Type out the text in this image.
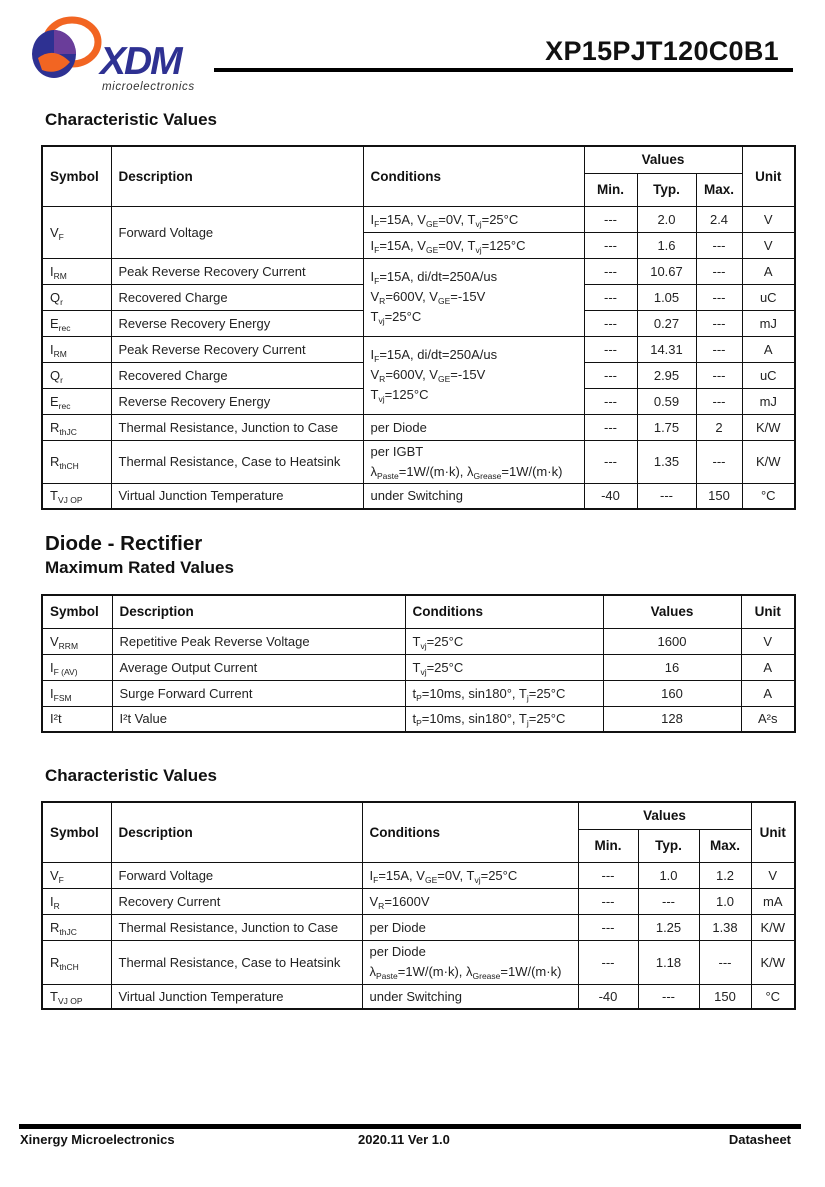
XDM
microelectronics
XP15PJT120C0B1
Characteristic Values
Symbol	Description	Conditions	Values			Unit
			Min.	Typ.	Max.	
$V_F$	Forward Voltage	$I_F=15A$, $V_{GE}=0V$, $T_{vj}=25^\circ C$	---	2.0	2.4	V
		$I_F=15A$, $V_{GE}=0V$, $T_{vj}=125^\circ C$	---	1.6	---	V
$I_{RM}$	Peak Reverse Recovery Current	$I_F=15A$, di/dt=250A/us
$V_R=600V$, $V_{GE}=-15V$
$T_{vj}=25^\circ C$	---	10.67	---	A
$Q_r$	Recovered Charge		---	1.05	---	uC
$E_{rec}$	Reverse Recovery Energy		---	0.27	---	mJ
$I_{RM}$	Peak Reverse Recovery Current	$I_F=15A$, di/dt=250A/us
$V_R=600V$, $V_{GE}=-15V$
$T_{vj}=125^\circ C$	---	14.31	---	A
$Q_r$	Recovered Charge		---	2.95	---	uC
$E_{rec}$	Reverse Recovery Energy		---	0.59	---	mJ
$R_{thJC}$	Thermal Resistance, Junction to Case	per Diode	---	1.75	2	K/W
$R_{thCH}$	Thermal Resistance, Case to Heatsink	per IGBT
$\lambda_{Paste}=1W/(m\cdot k)$, $\lambda_{Grease}=1W/(m\cdot k)$	---	1.35	---	K/W
$T_{VJ OP}$	Virtual Junction Temperature	under Switching	-40	---	150	°C
Diode - Rectifier
Maximum Rated Values
Symbol	Description	Conditions	Values	Unit
$V_{RRM}$	Repetitive Peak Reverse Voltage	$T_{vj}=25^\circ C$	1600	V
$I_{F (AV)}$	Average Output Current	$T_{vj}=25^\circ C$	16	A
$I_{FSM}$	Surge Forward Current	$t_P=10ms$, sin180°, $T_j=25^\circ C$	160	A
I²t	I²t Value	$t_P=10ms$, sin180°, $T_j=25^\circ C$	128	A²s
Characteristic Values
Symbol	Description	Conditions	Values			Unit
			Min.	Typ.	Max.	
$V_F$	Forward Voltage	$I_F=15A$, $V_{GE}=0V$, $T_{vj}=25^\circ C$	---	1.0	1.2	V
$I_R$	Recovery Current	$V_R=1600V$	---	---	1.0	mA
$R_{thJC}$	Thermal Resistance, Junction to Case	per Diode	---	1.25	1.38	K/W
$R_{thCH}$	Thermal Resistance, Case to Heatsink	per Diode
$\lambda_{Paste}=1W/(m\cdot k)$, $\lambda_{Grease}=1W/(m\cdot k)$	---	1.18	---	K/W
$T_{VJ OP}$	Virtual Junction Temperature	under Switching	-40	---	150	°C
Xinergy Microelectronics	2020.11 Ver 1.0	Datasheet
